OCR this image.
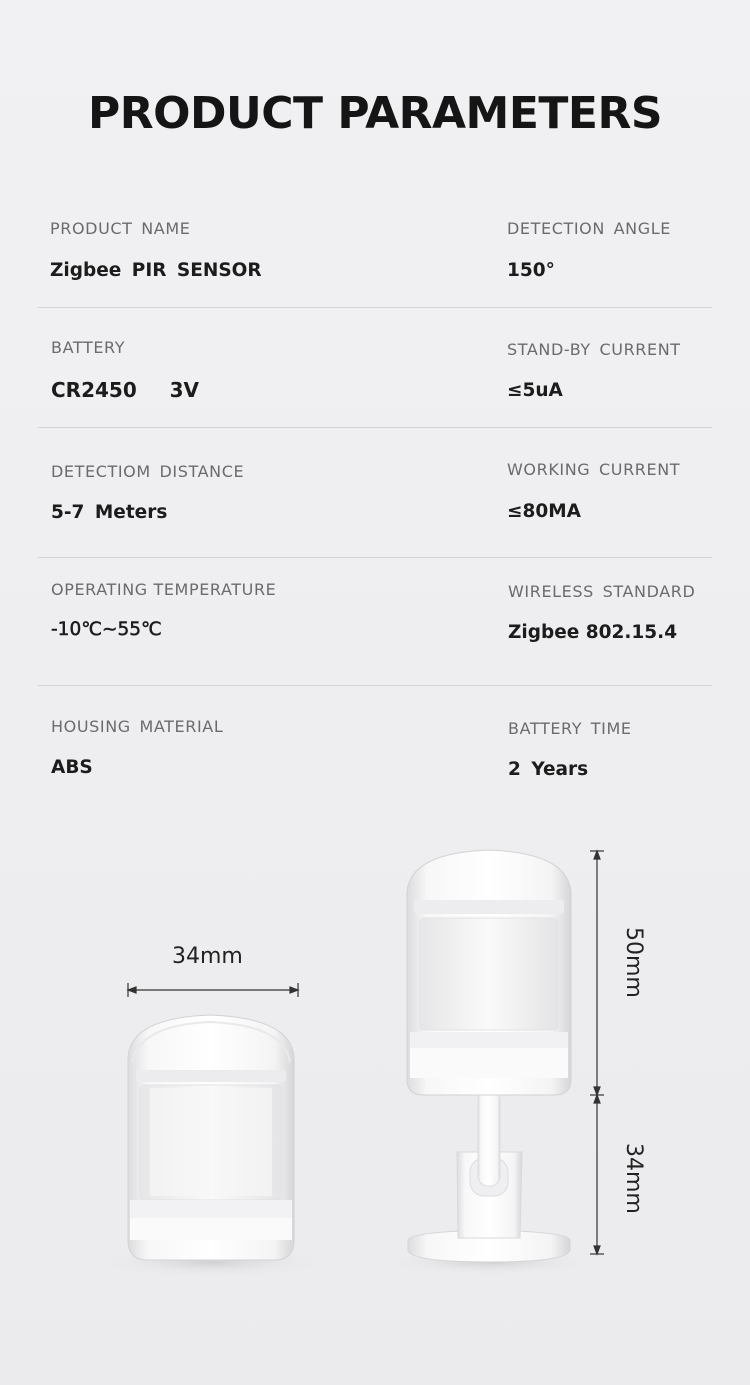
PRODUCT PARAMETERS
PRODUCT NAME
Zigbee PIR SENSOR
DETECTION ANGLE
150°
BATTERY
CR2450   3V
STAND-BY CURRENT
≤5uA
DETECTIOM DISTANCE
5-7 Meters
WORKING CURRENT
≤80MA
OPERATING TEMPERATURE
-10℃~55℃
WIRELESS STANDARD
Zigbee 802.15.4
HOUSING MATERIAL
ABS
BATTERY TIME
2 Years
34mm	50mm
34mm
